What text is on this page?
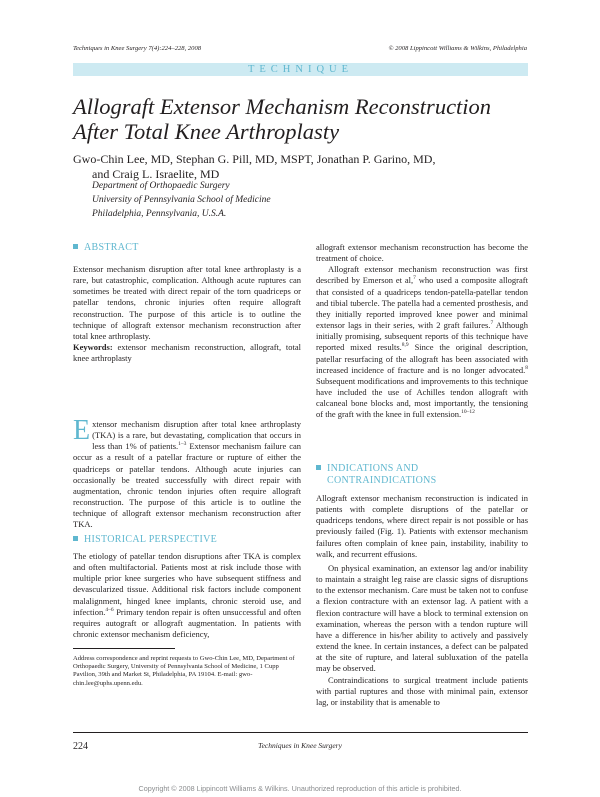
Techniques in Knee Surgery 7(4):224–228, 2008	© 2008 Lippincott Williams & Wilkins, Philadelphia
TECHNIQUE
Allograft Extensor Mechanism Reconstruction
After Total Knee Arthroplasty
Gwo-Chin Lee, MD, Stephan G. Pill, MD, MSPT, Jonathan P. Garino, MD,
and Craig L. Israelite, MD
Department of Orthopaedic Surgery
University of Pennsylvania School of Medicine
Philadelphia, Pennsylvania, U.S.A.
ABSTRACT

Extensor mechanism disruption after total knee arthroplasty is a rare, but catastrophic, complication. Although acute ruptures can sometimes be treated with direct repair of the torn quadriceps or patellar tendons, chronic injuries often require allograft reconstruction. The purpose of this article is to outline the technique of allograft extensor mechanism reconstruction after total knee arthroplasty.

Keywords: extensor mechanism reconstruction, allograft, total knee arthroplasty

Extensor mechanism disruption after total knee arthroplasty (TKA) is a rare, but devastating, complication that occurs in less than 1% of patients.$^{1-3}$ Extensor mechanism failure can occur as a result of a patellar fracture or rupture of either the quadriceps or patellar tendons. Although acute injuries can occasionally be treated successfully with direct repair with augmentation, chronic tendon injuries often require allograft reconstruction. The purpose of this article is to outline the technique of allograft extensor mechanism reconstruction after TKA.

HISTORICAL PERSPECTIVE

The etiology of patellar tendon disruptions after TKA is complex and often multifactorial. Patients most at risk include those with multiple prior knee surgeries who have subsequent stiffness and devascularized tissue. Additional risk factors include component malalignment, hinged knee implants, chronic steroid use, and infection.$^{4-6}$ Primary tendon repair is often unsuccessful and often requires autograft or allograft augmentation. In patients with chronic extensor mechanism deficiency,

Address correspondence and reprint requests to Gwo-Chin Lee, MD, Department of Orthopaedic Surgery, University of Pennsylvania School of Medicine, 1 Cupp Pavilion, 39th and Market St, Philadelphia, PA 19104. E-mail: gwo-chin.lee@uphs.upenn.edu.

allograft extensor mechanism reconstruction has become the treatment of choice.

Allograft extensor mechanism reconstruction was first described by Emerson et al,$^7$ who used a composite allograft that consisted of a quadriceps tendon-patella-patellar tendon and tibial tubercle. The patella had a cemented prosthesis, and they initially reported improved knee power and minimal extensor lags in their series, with 2 graft failures.$^7$ Although initially promising, subsequent reports of this technique have reported mixed results.$^{8,9}$ Since the original description, patellar resurfacing of the allograft has been associated with increased incidence of fracture and is no longer advocated.$^8$ Subsequent modifications and improvements to this technique have included the use of Achilles tendon allograft with calcaneal bone blocks and, most importantly, the tensioning of the graft with the knee in full extension.$^{10-12}$

INDICATIONS AND
CONTRAINDICATIONS

Allograft extensor mechanism reconstruction is indicated in patients with complete disruptions of the patellar or quadriceps tendons, where direct repair is not possible or has previously failed (Fig. 1). Patients with extensor mechanism failures often complain of knee pain, instability, inability to walk, and recurrent effusions.

On physical examination, an extensor lag and/or inability to maintain a straight leg raise are classic signs of disruptions to the extensor mechanism. Care must be taken not to confuse a flexion contracture with an extensor lag. A patient with a flexion contracture will have a block to terminal extension on examination, whereas the person with a tendon rupture will have a difference in his/her ability to actively and passively extend the knee. In certain instances, a defect can be palpated at the site of rupture, and lateral subluxation of the patella may be observed.

Contraindications to surgical treatment include patients with partial ruptures and those with minimal pain, extensor lag, or instability that is amenable to

224	Techniques in Knee Surgery
Copyright © 2008 Lippincott Williams & Wilkins. Unauthorized reproduction of this article is prohibited.
